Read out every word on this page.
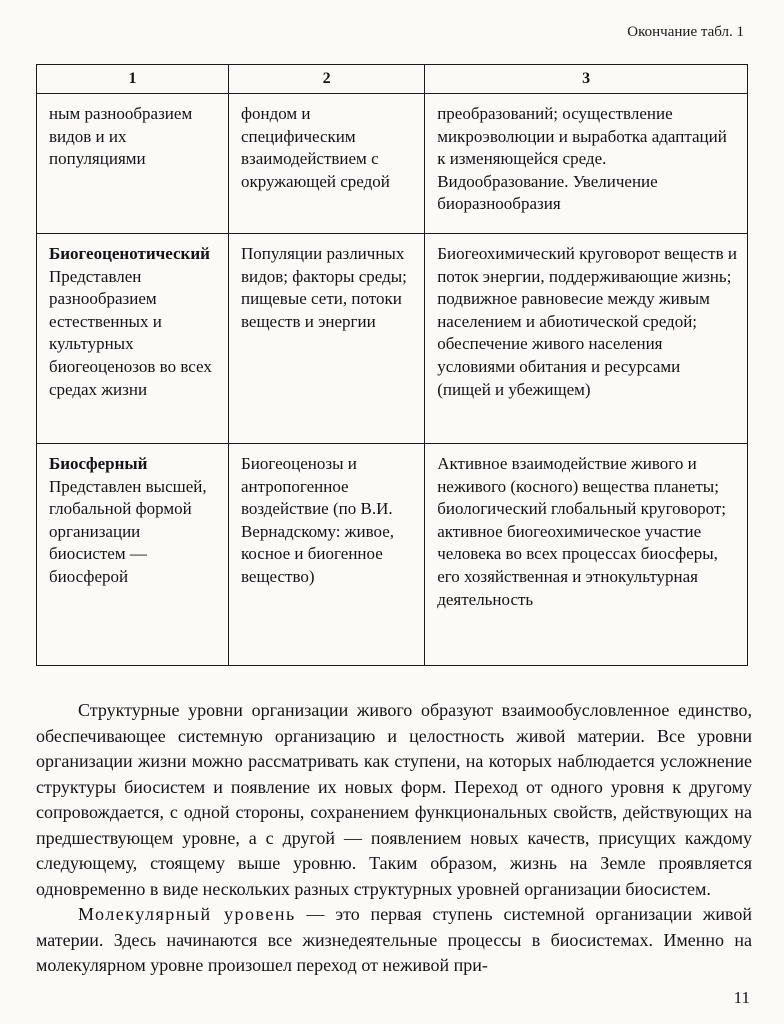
Окончание табл. 1
1	2	3

ным разнообразием видов и их популяциями	фондом и специфическим взаимодействием с окружающей средой	преобразований; осуществление микроэволюции и выработка адаптаций к изменяющейся среде. Видообразование. Увеличение биоразнообразия

Биогеоценотический
Представлен разнообразием естественных и культурных биогеоценозов во всех средах жизни	Популяции различных видов; факторы среды; пищевые сети, потоки веществ и энергии	Биогеохимический круговорот веществ и поток энергии, поддерживающие жизнь; подвижное равновесие между живым населением и абиотической средой; обеспечение живого населения условиями обитания и ресурсами (пищей и убежищем)

Биосферный
Представлен высшей, глобальной формой организации биосистем — биосферой	Биогеоценозы и антропогенное воздействие (по В.И. Вернадскому: живое, косное и биогенное вещество)	Активное взаимодействие живого и неживого (косного) вещества планеты; биологический глобальный круговорот; активное биогеохимическое участие человека во всех процессах биосферы, его хозяйственная и этнокультурная деятельность

Структурные уровни организации живого образуют взаимообусловленное единство, обеспечивающее системную организацию и целостность живой материи. Все уровни организации жизни можно рассматривать как ступени, на которых наблюдается усложнение структуры биосистем и появление их новых форм. Переход от одного уровня к другому сопровождается, с одной стороны, сохранением функциональных свойств, действующих на предшествующем уровне, а с другой — появлением новых качеств, присущих каждому следующему, стоящему выше уровню. Таким образом, жизнь на Земле проявляется одновременно в виде нескольких разных структурных уровней организации биосистем.

Молекулярный уровень — это первая ступень системной организации живой материи. Здесь начинаются все жизнедеятельные процессы в биосистемах. Именно на молекулярном уровне произошел переход от неживой при-

11
